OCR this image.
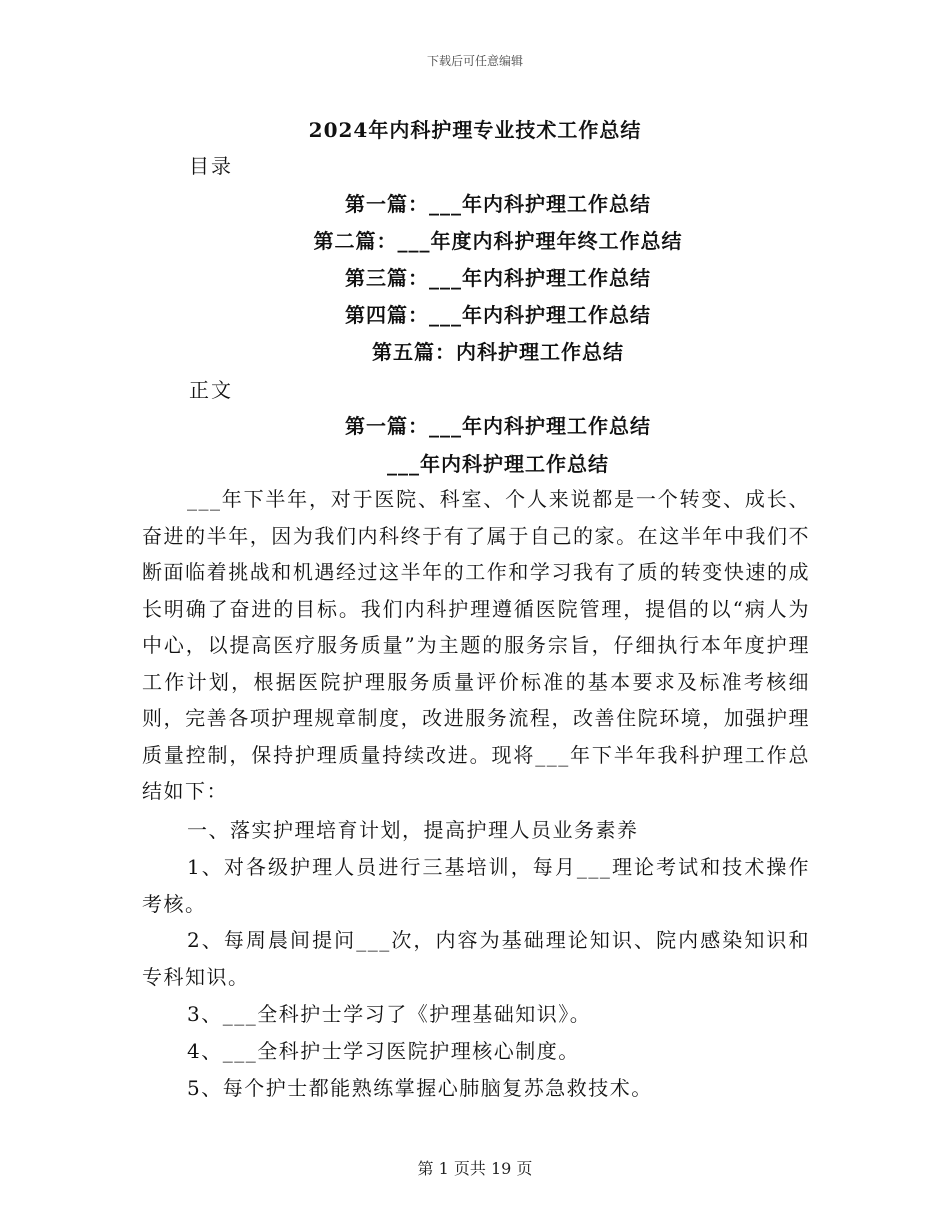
下载后可任意编辑
2024年内科护理专业技术工作总结
目录
第一篇：___年内科护理工作总结
第二篇：___年度内科护理年终工作总结
第三篇：___年内科护理工作总结
第四篇：___年内科护理工作总结
第五篇：内科护理工作总结
正文
第一篇：___年内科护理工作总结
___年内科护理工作总结
___年下半年，对于医院、科室、个人来说都是一个转变、成长、奋进的半年，因为我们内科终于有了属于自己的家。在这半年中我们不断面临着挑战和机遇经过这半年的工作和学习我有了质的转变快速的成长明确了奋进的目标。我们内科护理遵循医院管理，提倡的以“病人为中心，以提高医疗服务质量”为主题的服务宗旨，仔细执行本年度护理工作计划，根据医院护理服务质量评价标准的基本要求及标准考核细则，完善各项护理规章制度，改进服务流程，改善住院环境，加强护理质量控制，保持护理质量持续改进。现将___年下半年我科护理工作总结如下：
一、落实护理培育计划，提高护理人员业务素养
1、对各级护理人员进行三基培训，每月___理论考试和技术操作考核。
2、每周晨间提问___次，内容为基础理论知识、院内感染知识和专科知识。
3、___全科护士学习了《护理基础知识》。
4、___全科护士学习医院护理核心制度。
5、每个护士都能熟练掌握心肺脑复苏急救技术。
第 1 页共 19 页
